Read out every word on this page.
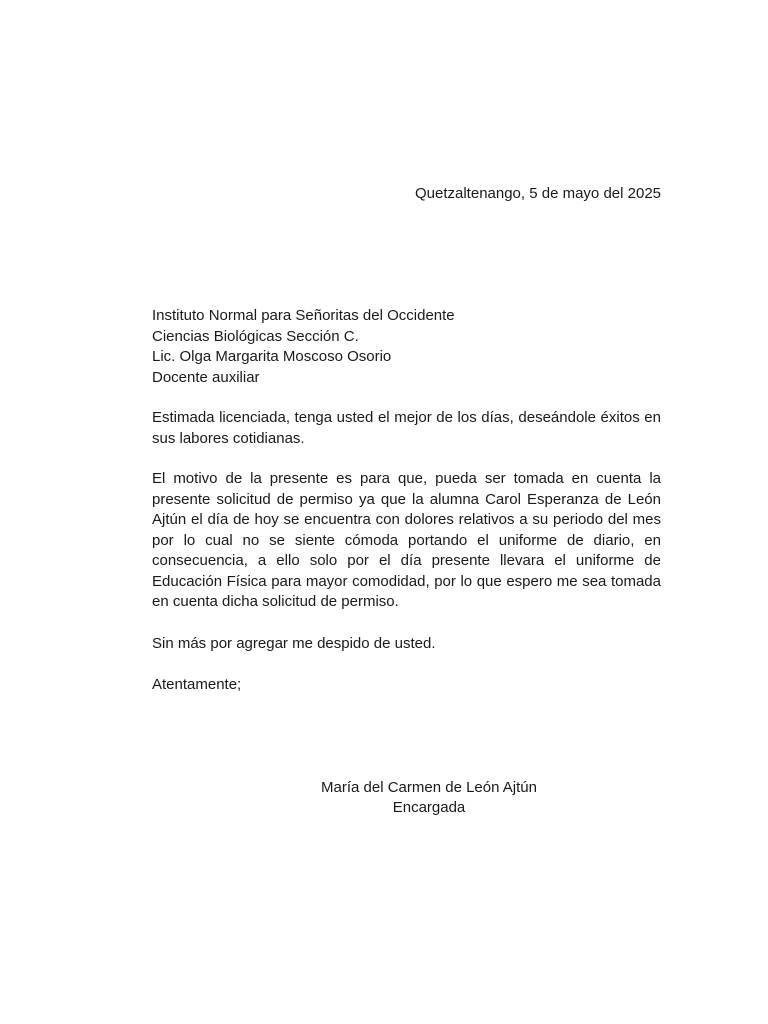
Quetzaltenango, 5 de mayo del 2025
Instituto Normal para Señoritas del Occidente
Ciencias Biológicas Sección C.
Lic. Olga Margarita Moscoso Osorio
Docente auxiliar

Estimada licenciada, tenga usted el mejor de los días, deseándole éxitos en sus labores cotidianas.

El motivo de la presente es para que, pueda ser tomada en cuenta la presente solicitud de permiso ya que la alumna Carol Esperanza de León Ajtún el día de hoy se encuentra con dolores relativos a su periodo del mes por lo cual no se siente cómoda portando el uniforme de diario, en consecuencia, a ello solo por el día presente llevara el uniforme de Educación Física para mayor comodidad, por lo que espero me sea tomada en cuenta dicha solicitud de permiso.

Sin más por agregar me despido de usted.

Atentamente;

María del Carmen de León Ajtún
Encargada
